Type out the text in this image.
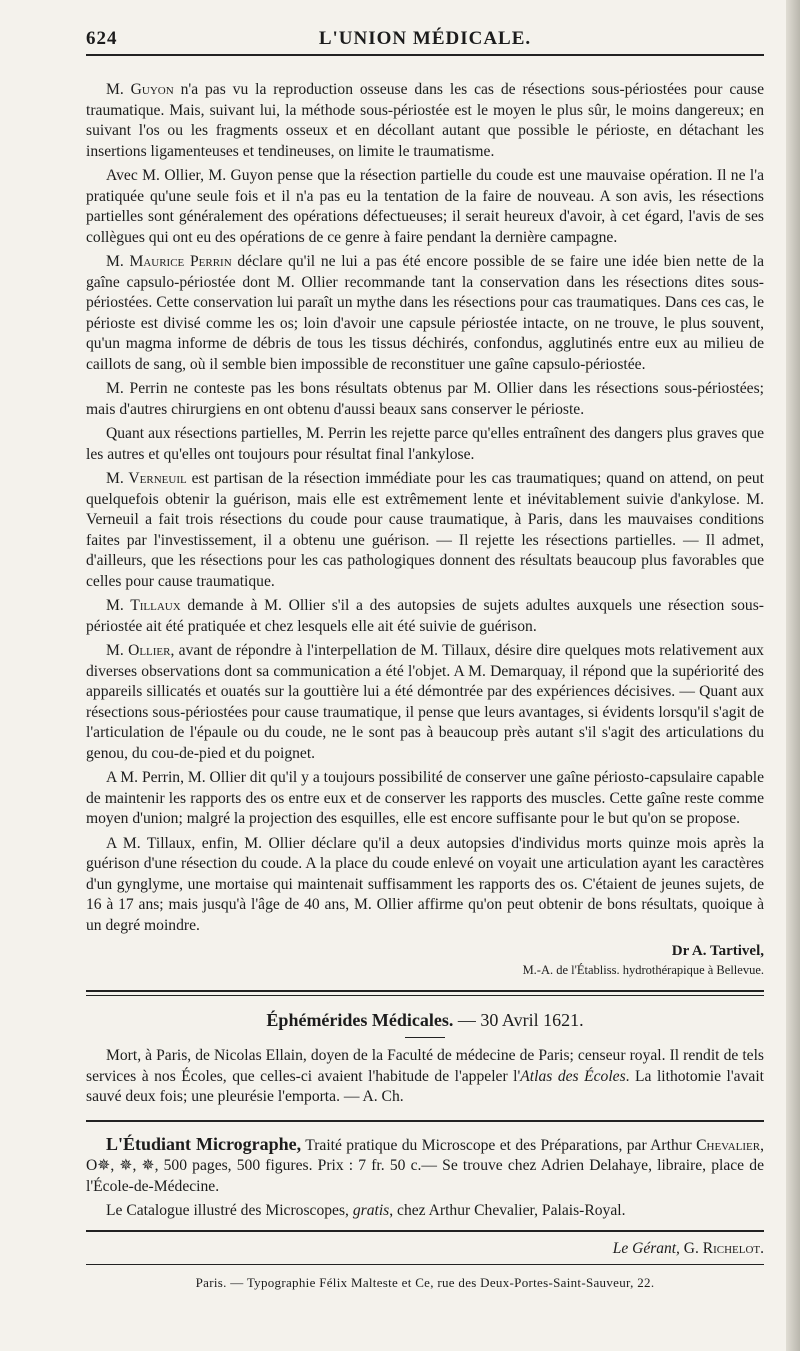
624	L'UNION MÉDICALE.

M. Guyon n'a pas vu la reproduction osseuse dans les cas de résections sous-périostées pour cause traumatique. Mais, suivant lui, la méthode sous-périostée est le moyen le plus sûr, le moins dangereux; en suivant l'os ou les fragments osseux et en décollant autant que possible le périoste, en détachant les insertions ligamenteuses et tendineuses, on limite le traumatisme.

Avec M. Ollier, M. Guyon pense que la résection partielle du coude est une mauvaise opération. Il ne l'a pratiquée qu'une seule fois et il n'a pas eu la tentation de la faire de nouveau. A son avis, les résections partielles sont généralement des opérations défectueuses; il serait heureux d'avoir, à cet égard, l'avis de ses collègues qui ont eu des opérations de ce genre à faire pendant la dernière campagne.

M. Maurice Perrin déclare qu'il ne lui a pas été encore possible de se faire une idée bien nette de la gaîne capsulo-périostée dont M. Ollier recommande tant la conservation dans les résections dites sous-périostées. Cette conservation lui paraît un mythe dans les résections pour cas traumatiques. Dans ces cas, le périoste est divisé comme les os; loin d'avoir une capsule périostée intacte, on ne trouve, le plus souvent, qu'un magma informe de débris de tous les tissus déchirés, confondus, agglutinés entre eux au milieu de caillots de sang, où il semble bien impossible de reconstituer une gaîne capsulo-périostée.

M. Perrin ne conteste pas les bons résultats obtenus par M. Ollier dans les résections sous-périostées; mais d'autres chirurgiens en ont obtenu d'aussi beaux sans conserver le périoste.

Quant aux résections partielles, M. Perrin les rejette parce qu'elles entraînent des dangers plus graves que les autres et qu'elles ont toujours pour résultat final l'ankylose.

M. Verneuil est partisan de la résection immédiate pour les cas traumatiques; quand on attend, on peut quelquefois obtenir la guérison, mais elle est extrêmement lente et inévitablement suivie d'ankylose. M. Verneuil a fait trois résections du coude pour cause traumatique, à Paris, dans les mauvaises conditions faites par l'investissement, il a obtenu une guérison. — Il rejette les résections partielles. — Il admet, d'ailleurs, que les résections pour les cas pathologiques donnent des résultats beaucoup plus favorables que celles pour cause traumatique.

M. Tillaux demande à M. Ollier s'il a des autopsies de sujets adultes auxquels une résection sous-périostée ait été pratiquée et chez lesquels elle ait été suivie de guérison.

M. Ollier, avant de répondre à l'interpellation de M. Tillaux, désire dire quelques mots relativement aux diverses observations dont sa communication a été l'objet. A M. Demarquay, il répond que la supériorité des appareils sillicatés et ouatés sur la gouttière lui a été démontrée par des expériences décisives. — Quant aux résections sous-périostées pour cause traumatique, il pense que leurs avantages, si évidents lorsqu'il s'agit de l'articulation de l'épaule ou du coude, ne le sont pas à beaucoup près autant s'il s'agit des articulations du genou, du cou-de-pied et du poignet.

A M. Perrin, M. Ollier dit qu'il y a toujours possibilité de conserver une gaîne périosto-capsulaire capable de maintenir les rapports des os entre eux et de conserver les rapports des muscles. Cette gaîne reste comme moyen d'union; malgré la projection des esquilles, elle est encore suffisante pour le but qu'on se propose.

A M. Tillaux, enfin, M. Ollier déclare qu'il a deux autopsies d'individus morts quinze mois après la guérison d'une résection du coude. A la place du coude enlevé on voyait une articulation ayant les caractères d'un gynglyme, une mortaise qui maintenait suffisamment les rapports des os. C'étaient de jeunes sujets, de 16 à 17 ans; mais jusqu'à l'âge de 40 ans, M. Ollier affirme qu'on peut obtenir de bons résultats, quoique à un degré moindre.

Dr A. Tartivel,
M.-A. de l'Établiss. hydrothérapique à Bellevue.
Éphémérides Médicales. — 30 Avril 1621.

Mort, à Paris, de Nicolas Ellain, doyen de la Faculté de médecine de Paris; censeur royal. Il rendit de tels services à nos Écoles, que celles-ci avaient l'habitude de l'appeler l'Atlas des Écoles. La lithotomie l'avait sauvé deux fois; une pleurésie l'emporta. — A. Ch.

L'Étudiant Micrographe, Traité pratique du Microscope et des Préparations, par Arthur Chevalier, O✵, ✵, ✵, 500 pages, 500 figures. Prix : 7 fr. 50 c.— Se trouve chez Adrien Delahaye, libraire, place de l'École-de-Médecine.

Le Catalogue illustré des Microscopes, gratis, chez Arthur Chevalier, Palais-Royal.

Le Gérant, G. Richelot.
Paris. — Typographie Félix Malteste et Ce, rue des Deux-Portes-Saint-Sauveur, 22.
